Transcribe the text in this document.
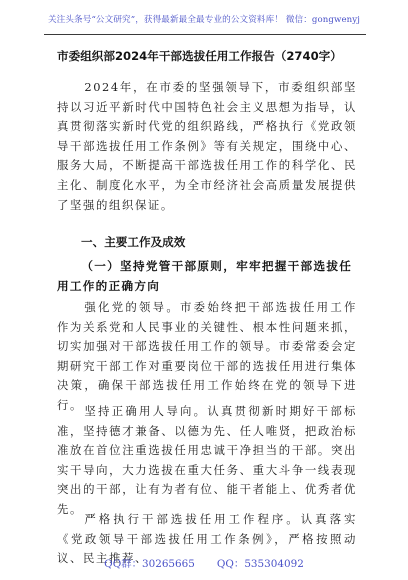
关注头条号“公文研究”，获得最新最全最专业的公文资料库！ 微信：gongwenyj
市委组织部2024年干部选拔任用工作报告（2740字）
2024年，在市委的坚强领导下，市委组织部坚持以习近平新时代中国特色社会主义思想为指导，认真贯彻落实新时代党的组织路线，严格执行《党政领导干部选拔任用工作条例》等有关规定，围绕中心、服务大局，不断提高干部选拔任用工作的科学化、民主化、制度化水平，为全市经济社会高质量发展提供了坚强的组织保证。
一、主要工作及成效
（一）坚持党管干部原则，牢牢把握干部选拔任用工作的正确方向
强化党的领导。市委始终把干部选拔任用工作作为关系党和人民事业的关键性、根本性问题来抓，切实加强对干部选拔任用工作的领导。市委常委会定期研究干部工作对重要岗位干部的选拔任用进行集体决策，确保干部选拔任用工作始终在党的领导下进行。 坚持正确用人导向。认真贯彻新时期好干部标准，坚持德才兼备、以德为先、任人唯贤，把政治标准放在首位注重选拔任用忠诚干净担当的干部。突出实干导向，大力选拔在重大任务、重大斗争一线表现突出的干部，让有为者有位、能干者能上、优秀者优先。
严格执行干部选拔任用工作程序。认真落实《党政领导干部选拔任用工作条例》，严格按照动议、民主推荐、
QQ群：30265665 QQ：535304092
